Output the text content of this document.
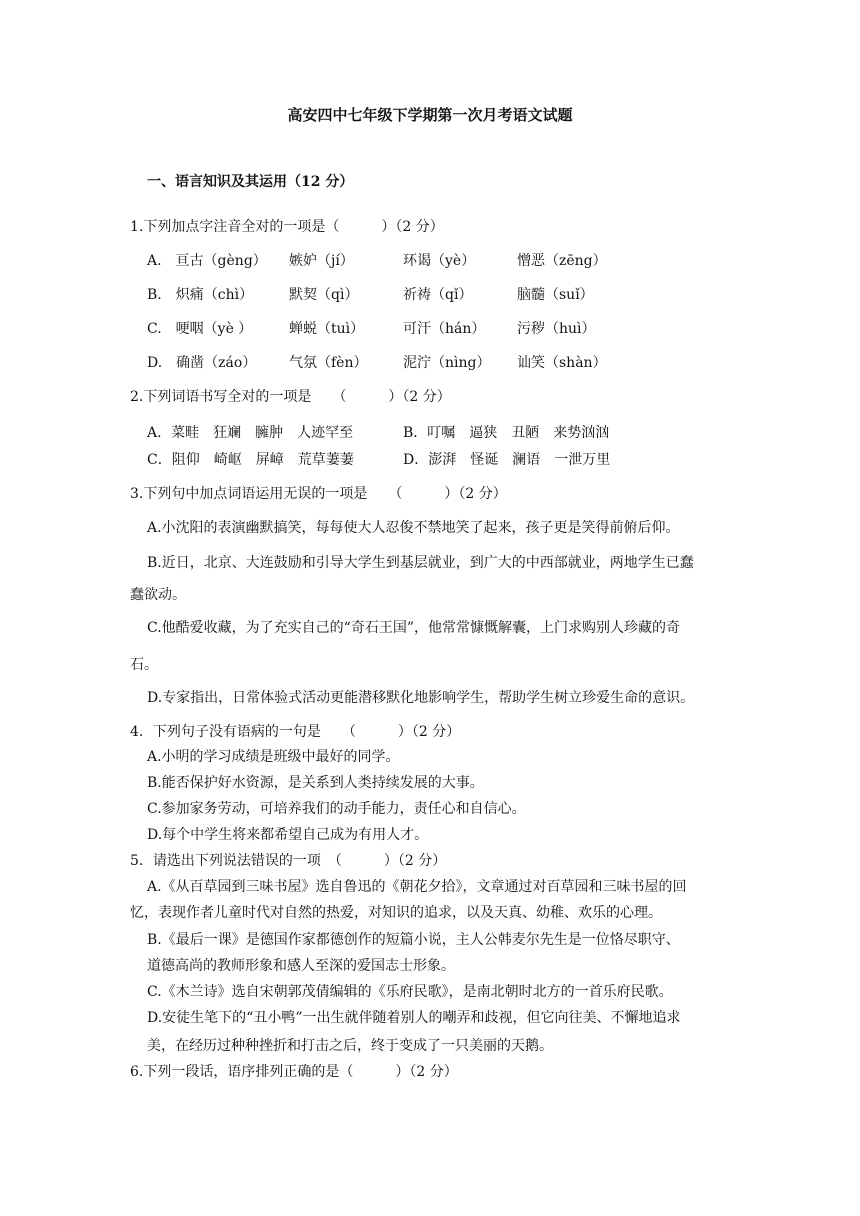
高安四中七年级下学期第一次月考语文试题
一、语言知识及其运用（12 分）
1.下列加点字注音全对的一项是（　　　）（2 分）
A.　亘古（gèng） 嫉妒（jí）	环谒（yè）	憎恶（zēng）
B.　炽痛（chì）	默契（qì）	祈祷（qǐ）	脑髓（suǐ）
C.　哽咽（yè ）	蝉蜕（tuì）	可汗（hán） 污秽（huì）
D.　确凿（záo） 气氛（fèn）	泥泞（nìng） 讪笑（shàn）
2.下列词语书写全对的一项是　　（　　　）（2 分）
A．菜畦　狂斓　臃肿　人迹罕至	B．叮嘱　逼狭　丑陋　来势汹汹
C．阻仰　崎岖　屏嶂　荒草萋萋	D．澎湃　怪诞　澜语　一泄万里
3.下列句中加点词语运用无误的一项是　　（　　　）（2 分）
A.小沈阳的表演幽默搞笑，每每使大人忍俊不禁地笑了起来，孩子更是笑得前俯后仰。
B.近日，北京、大连鼓励和引导大学生到基层就业，到广大的中西部就业，两地学生已蠢
蠢欲动。
C.他酷爱收藏，为了充实自己的“奇石王国”，他常常慷慨解囊，上门求购别人珍藏的奇
石。
D.专家指出，日常体验式活动更能潜移默化地影响学生，帮助学生树立珍爱生命的意识。
4．下列句子没有语病的一句是　　（　　　）（2 分）
A.小明的学习成绩是班级中最好的同学。
B.能否保护好水资源，是关系到人类持续发展的大事。
C.参加家务劳动，可培养我们的动手能力，责任心和自信心。
D.每个中学生将来都希望自己成为有用人才。
5．请选出下列说法错误的一项　（　　　）（2 分）
A.《从百草园到三味书屋》选自鲁迅的《朝花夕拾》，文章通过对百草园和三味书屋的回
忆，表现作者儿童时代对自然的热爱，对知识的追求，以及天真、幼稚、欢乐的心理。
B.《最后一课》是德国作家都德创作的短篇小说，主人公韩麦尔先生是一位恪尽职守、
道德高尚的教师形象和感人至深的爱国志士形象。
C.《木兰诗》选自宋朝郭茂倩编辑的《乐府民歌》，是南北朝时北方的一首乐府民歌。
D.安徒生笔下的“丑小鸭”一出生就伴随着别人的嘲弄和歧视，但它向往美、不懈地追求
美，在经历过种种挫折和打击之后，终于变成了一只美丽的天鹅。
6.下列一段话，语序排列正确的是（　　　）（2 分）
